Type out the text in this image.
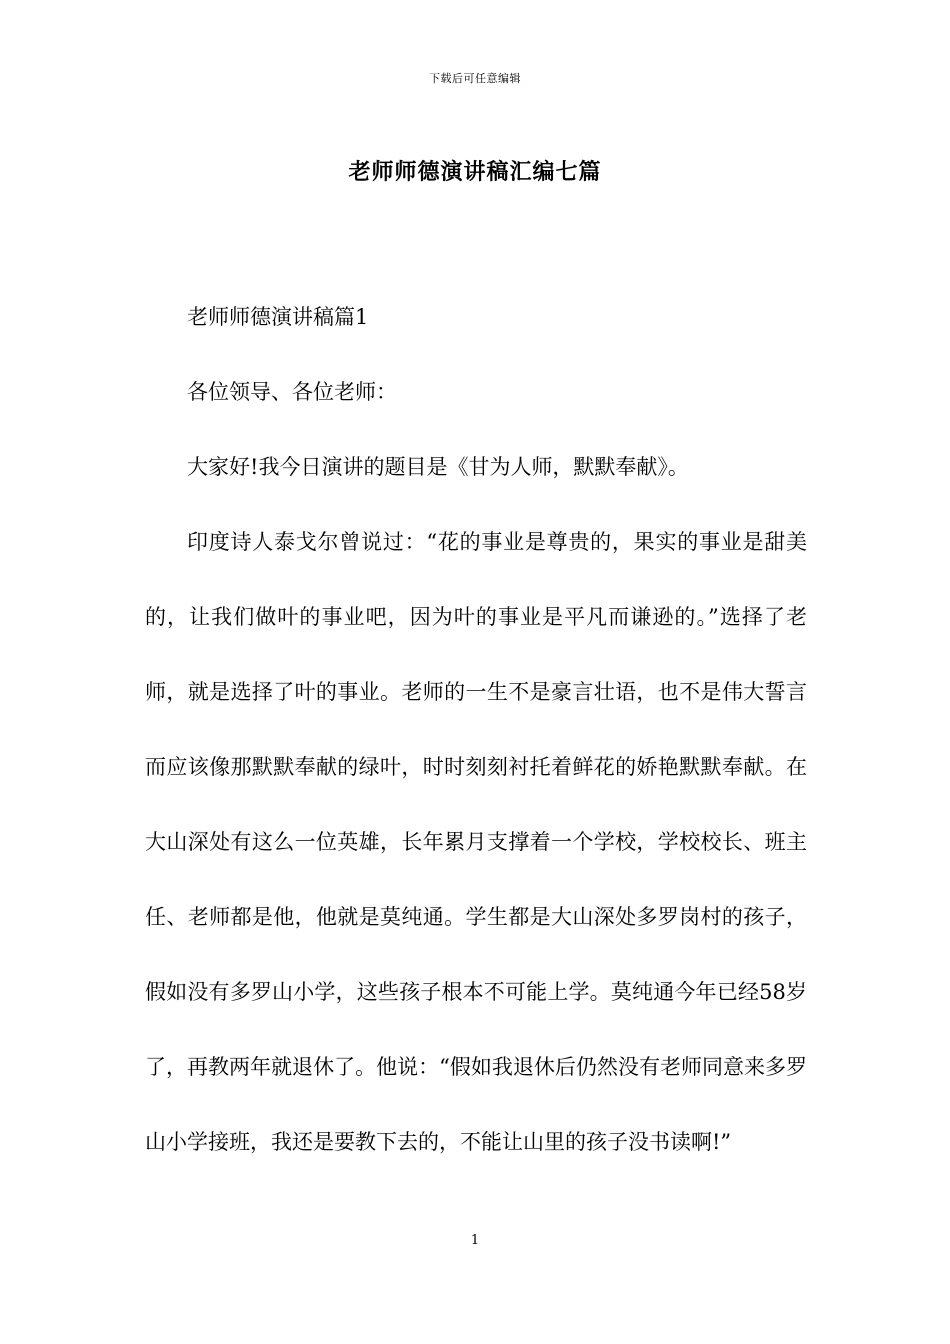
下载后可任意编辑
老师师德演讲稿汇编七篇

老师师德演讲稿篇1

各位领导、各位老师：

大家好!我今日演讲的题目是《甘为人师，默默奉献》。

印度诗人泰戈尔曾说过：“花的事业是尊贵的，果实的事业是甜美的，让我们做叶的事业吧，因为叶的事业是平凡而谦逊的。”选择了老师，就是选择了叶的事业。老师的一生不是豪言壮语，也不是伟大誓言而应该像那默默奉献的绿叶，时时刻刻衬托着鲜花的娇艳默默奉献。在大山深处有这么一位英雄，长年累月支撑着一个学校，学校校长、班主任、老师都是他，他就是莫纯通。学生都是大山深处多罗岗村的孩子，假如没有多罗山小学，这些孩子根本不可能上学。莫纯通今年已经58岁了，再教两年就退休了。他说：“假如我退休后仍然没有老师同意来多罗山小学接班，我还是要教下去的，不能让山里的孩子没书读啊!”

1
